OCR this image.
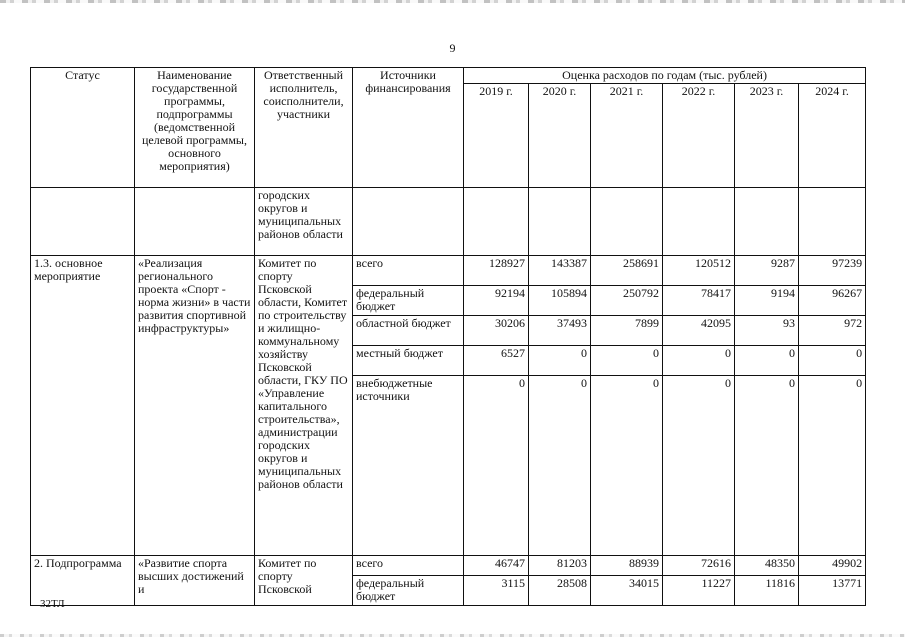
9
Статус	Наименование государственной программы, подпрограммы (ведомственной целевой программы, основного мероприятия)	Ответственный исполнитель, соисполнители, участники	Источники финансирования	Оценка расходов по годам (тыс. рублей)					
				2019 г.	2020 г.	2021 г.	2022 г.	2023 г.	2024 г.
		городских округов и муниципальных районов области							
1.3. основное мероприятие	«Реализация регионального проекта «Спорт - норма жизни» в части развития спортивной инфраструктуры»	Комитет по спорту Псковской области, Комитет по строительству и жилищно-коммунальному хозяйству Псковской области, ГКУ ПО «Управление капитального строительства», администрации городских округов и муниципальных районов области	всего	128927	143387	258691	120512	9287	97239
			федеральный бюджет	92194	105894	250792	78417	9194	96267
			областной бюджет	30206	37493	7899	42095	93	972
			местный бюджет	6527	0	0	0	0	0
			внебюджетные источники	0	0	0	0	0	0
2. Подпрограмма	«Развитие спорта высших достижений и	Комитет по спорту Псковской	всего	46747	81203	88939	72616	48350	49902
			федеральный бюджет	3115	28508	34015	11227	11816	13771
32ТЛ
